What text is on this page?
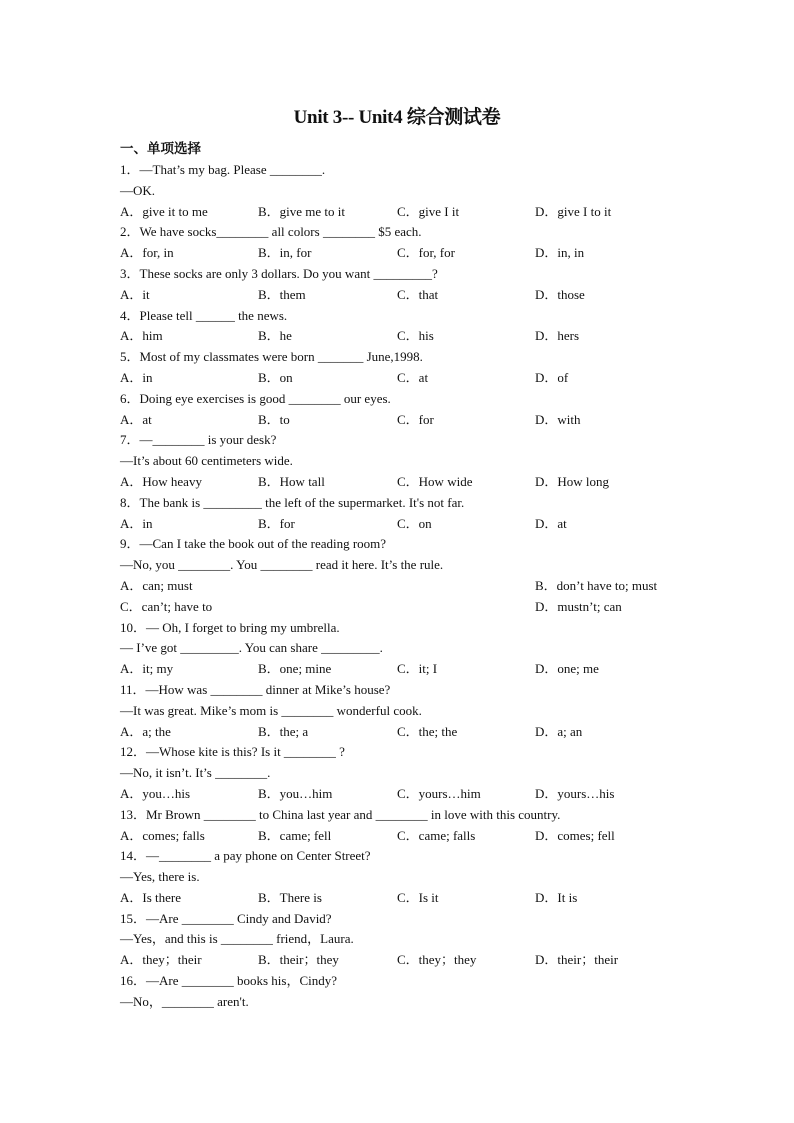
Unit 3-- Unit4 综合测试卷
一、单项选择
1．—That’s my bag. Please ________.
—OK.
A．give it to me	B．give me to it	C．give I it	D．give I to it
2．We have socks________ all colors ________ $5 each.
A．for, in	B．in, for	C．for, for	D．in, in
3．These socks are only 3 dollars. Do you want _________?
A．it	B．them	C．that	D．those
4．Please tell ______ the news.
A．him	B．he	C．his	D．hers
5．Most of my classmates were born _______ June,1998.
A．in	B．on	C．at	D．of
6．Doing eye exercises is good ________ our eyes.
A．at	B．to	C．for	D．with
7．—________ is your desk?
—It’s about 60 centimeters wide.
A．How heavy	B．How tall	C．How wide	D．How long
8．The bank is _________ the left of the supermarket. It's not far.
A．in	B．for	C．on	D．at
9．—Can I take the book out of the reading room?
—No, you ________. You ________ read it here. It’s the rule.
A．can; must	B．don’t have to; must
C．can’t; have to	D．mustn’t; can
10．— Oh, I forget to bring my umbrella.
— I’ve got _________. You can share _________.
A．it; my	B．one; mine	C．it; I	D．one; me
11．—How was ________ dinner at Mike’s house?
—It was great. Mike’s mom is ________ wonderful cook.
A．a; the	B．the; a	C．the; the	D．a; an
12．—Whose kite is this? Is it ________ ?
—No, it isn’t. It’s ________.
A．you…his	B．you…him	C．yours…him	D．yours…his
13．Mr Brown ________ to China last year and ________ in love with this country.
A．comes; falls	B．came; fell	C．came; falls	D．comes; fell
14．—________ a pay phone on Center Street?
—Yes, there is.
A．Is there	B．There is	C．Is it	D．It is
15．—Are ________ Cindy and David?
—Yes，and this is ________ friend，Laura.
A．they；their	B．their；they	C．they；they	D．their；their
16．—Are ________ books his，Cindy?
—No，________ aren't.
